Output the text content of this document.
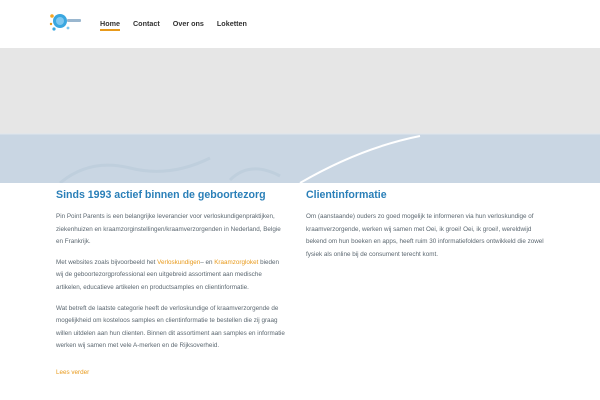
Home Contact Over ons Loketten
Sinds 1993 actief binnen de geboortezorg

Pin Point Parents is een belangrijke leverancier voor verloskundigenpraktijken, ziekenhuizen en kraamzorginstellingen/kraamverzorgenden in Nederland, Belgie en Frankrijk.

Met websites zoals bijvoorbeeld het Verloskundigen– en Kraamzorgloket bieden wij de geboortezorgprofessional een uitgebreid assortiment aan medische artikelen, educatieve artikelen en productsamples en clientinformatie.

Wat betreft de laatste categorie heeft de verloskundige of kraamverzorgende de mogelijkheid om kosteloos samples en clientinformatie te bestellen die zij graag willen uitdelen aan hun clienten. Binnen dit assortiment aan samples en informatie werken wij samen met vele A-merken en de Rijksoverheid.

Lees verder
Clientinformatie

Om (aanstaande) ouders zo goed mogelijk te informeren via hun verloskundige of kraamverzorgende, werken wij samen met Oei, ik groei! Oei, ik groei!, wereldwijd bekend om hun boeken en apps, heeft ruim 30 informatiefolders ontwikkeld die zowel fysiek als online bij de consument terecht komt.
